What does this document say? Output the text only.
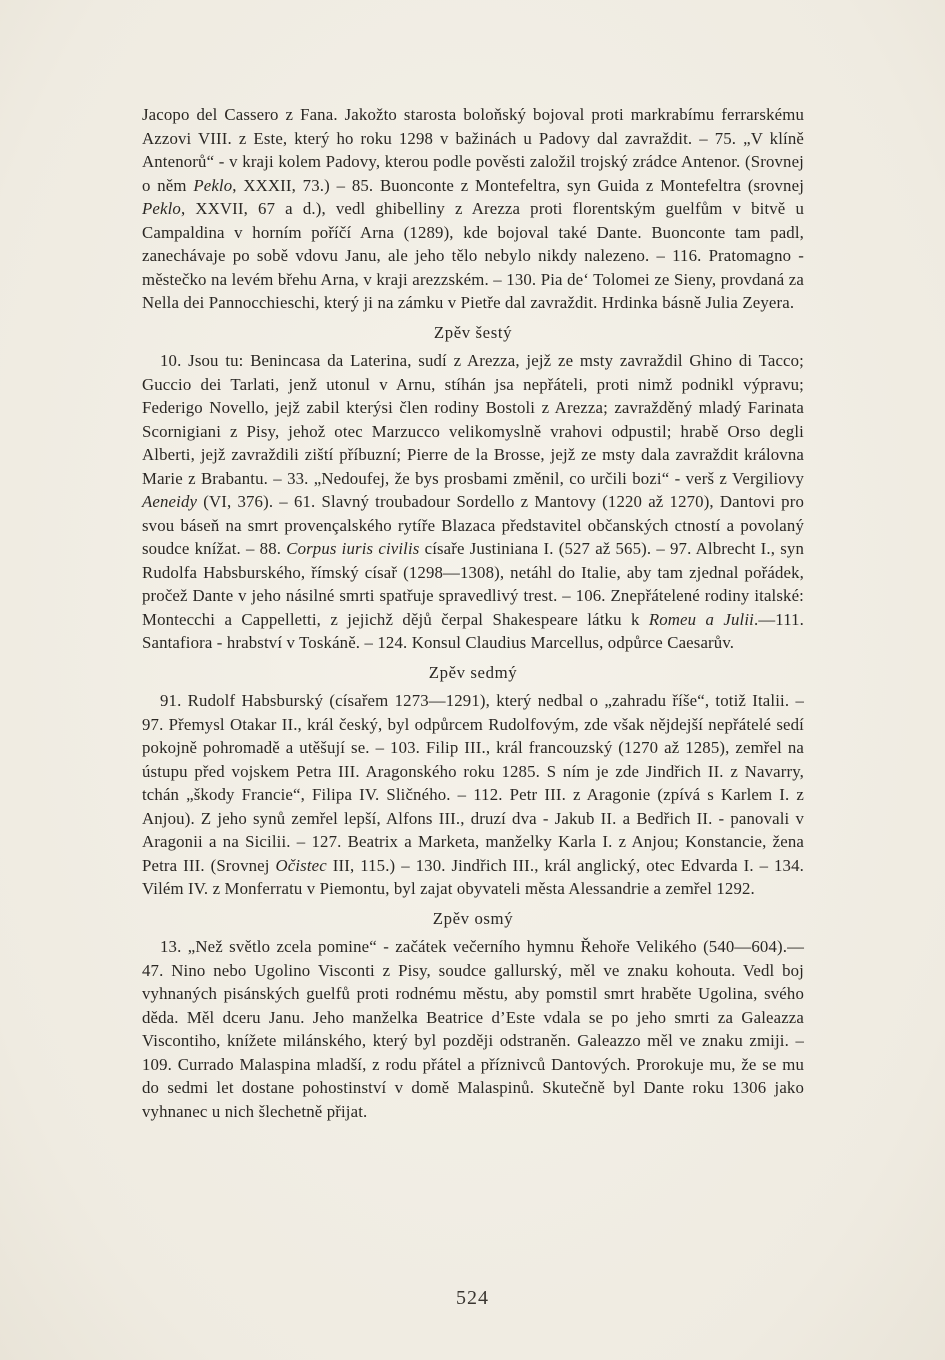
Jacopo del Cassero z Fana. Jakožto starosta boloňský bojoval proti markrabímu ferrarskému Azzovi VIII. z Este, který ho roku 1298 v bažinách u Padovy dal zavraždit. – 75. „V klíně Antenorů“ - v kraji kolem Padovy, kterou podle pověsti založil trojský zrádce Antenor. (Srovnej o něm Peklo, XXXII, 73.) – 85. Buonconte z Montefeltra, syn Guida z Montefeltra (srovnej Peklo, XXVII, 67 a d.), vedl ghibelliny z Arezza proti florentským guelfům v bitvě u Campaldina v horním poříčí Arna (1289), kde bojoval také Dante. Buonconte tam padl, zanechávaje po sobě vdovu Janu, ale jeho tělo nebylo nikdy nalezeno. – 116. Pratomagno - městečko na levém břehu Arna, v kraji arezzském. – 130. Pia de‘ Tolomei ze Sieny, provdaná za Nella dei Pannocchieschi, který ji na zámku v Pietře dal zavraždit. Hrdinka básně Julia Zeyera.

Zpěv šestý

10. Jsou tu: Benincasa da Laterina, sudí z Arezza, jejž ze msty zavraždil Ghino di Tacco; Guccio dei Tarlati, jenž utonul v Arnu, stíhán jsa nepřáteli, proti nimž podnikl výpravu; Federigo Novello, jejž zabil kterýsi člen rodiny Bostoli z Arezza; zavražděný mladý Farinata Scornigiani z Pisy, jehož otec Marzucco velikomyslně vrahovi odpustil; hrabě Orso degli Alberti, jejž zavraždili ziští příbuzní; Pierre de la Brosse, jejž ze msty dala zavraždit královna Marie z Brabantu. – 33. „Nedoufej, že bys prosbami změnil, co určili bozi“ - verš z Vergiliovy Aeneidy (VI, 376). – 61. Slavný troubadour Sordello z Mantovy (1220 až 1270), Dantovi pro svou báseň na smrt provençalského rytíře Blazaca představitel občanských ctností a povolaný soudce knížat. – 88. Corpus iuris civilis císaře Justiniana I. (527 až 565). – 97. Albrecht I., syn Rudolfa Habsburského, římský císař (1298—1308), netáhl do Italie, aby tam zjednal pořádek, pročež Dante v jeho násilné smrti spatřuje spravedlivý trest. – 106. Znepřátelené rodiny italské: Montecchi a Cappelletti, z jejichž dějů čerpal Shakespeare látku k Romeu a Julii.—111. Santafiora - hrabství v Toskáně. – 124. Konsul Claudius Marcellus, odpůrce Caesarův.

Zpěv sedmý

91. Rudolf Habsburský (císařem 1273—1291), který nedbal o „zahradu říše“, totiž Italii. – 97. Přemysl Otakar II., král český, byl odpůrcem Rudolfovým, zde však nějdejší nepřátelé sedí pokojně pohromadě a utěšují se. – 103. Filip III., král francouzský (1270 až 1285), zemřel na ústupu před vojskem Petra III. Aragonského roku 1285. S ním je zde Jindřich II. z Navarry, tchán „škody Francie“, Filipa IV. Sličného. – 112. Petr III. z Aragonie (zpívá s Karlem I. z Anjou). Z jeho synů zemřel lepší, Alfons III., druzí dva - Jakub II. a Bedřich II. - panovali v Aragonii a na Sicilii. – 127. Beatrix a Marketa, manželky Karla I. z Anjou; Konstancie, žena Petra III. (Srovnej Očistec III, 115.) – 130. Jindřich III., král anglický, otec Edvarda I. – 134. Vilém IV. z Monferratu v Piemontu, byl zajat obyvateli města Alessandrie a zemřel 1292.

Zpěv osmý

13. „Než světlo zcela pomine“ - začátek večerního hymnu Řehoře Velikého (540—604).— 47. Nino nebo Ugolino Visconti z Pisy, soudce gallurský, měl ve znaku kohouta. Vedl boj vyhnaných pisánských guelfů proti rodnému městu, aby pomstil smrt hraběte Ugolina, svého děda. Měl dceru Janu. Jeho manželka Beatrice d’Este vdala se po jeho smrti za Galeazza Viscontiho, knížete milánského, který byl později odstraněn. Galeazzo měl ve znaku zmiji. – 109. Currado Malaspina mladší, z rodu přátel a příznivců Dantových. Prorokuje mu, že se mu do sedmi let dostane pohostinství v domě Malaspinů. Skutečně byl Dante roku 1306 jako vyhnanec u nich šlechetně přijat.

524
